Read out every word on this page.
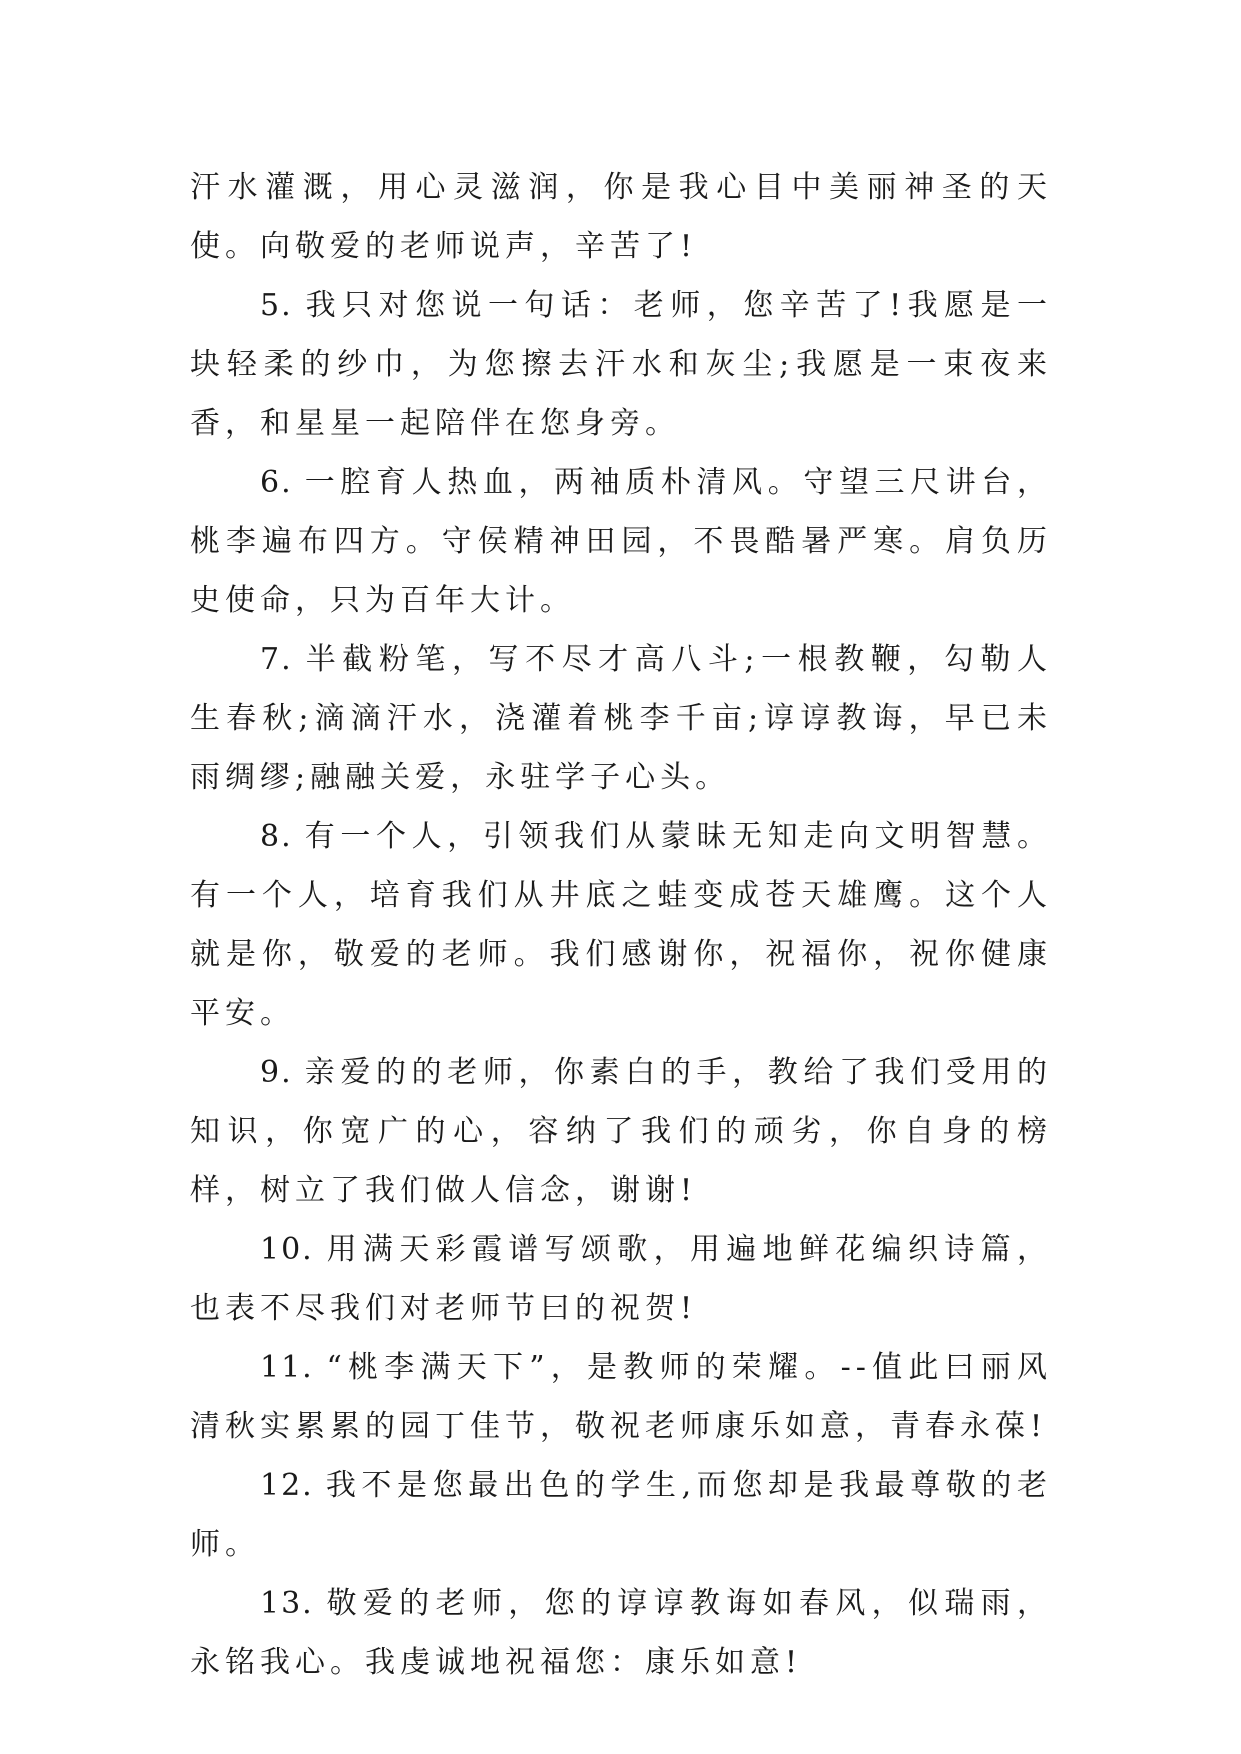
汗水灌溉，用心灵滋润，你是我心目中美丽神圣的天使。向敬爱的老师说声，辛苦了!

5. 我只对您说一句话：老师，您辛苦了!我愿是一块轻柔的纱巾，为您擦去汗水和灰尘;我愿是一束夜来香，和星星一起陪伴在您身旁。

6. 一腔育人热血，两袖质朴清风。守望三尺讲台，桃李遍布四方。守侯精神田园，不畏酷暑严寒。肩负历史使命，只为百年大计。

7. 半截粉笔，写不尽才高八斗;一根教鞭，勾勒人生春秋;滴滴汗水，浇灌着桃李千亩;谆谆教诲，早已未雨绸缪;融融关爱，永驻学子心头。

8. 有一个人，引领我们从蒙昧无知走向文明智慧。有一个人，培育我们从井底之蛙变成苍天雄鹰。这个人就是你，敬爱的老师。我们感谢你，祝福你，祝你健康平安。

9. 亲爱的的老师，你素白的手，教给了我们受用的知识，你宽广的心，容纳了我们的顽劣，你自身的榜样，树立了我们做人信念，谢谢!

10. 用满天彩霞谱写颂歌，用遍地鲜花编织诗篇，也表不尽我们对老师节曰的祝贺!

11. “桃李满天下”，是教师的荣耀。--值此曰丽风清秋实累累的园丁佳节，敬祝老师康乐如意，青春永葆!

12. 我不是您最出色的学生,而您却是我最尊敬的老师。

13. 敬爱的老师，您的谆谆教诲如春风，似瑞雨，永铭我心。我虔诚地祝福您：康乐如意!
